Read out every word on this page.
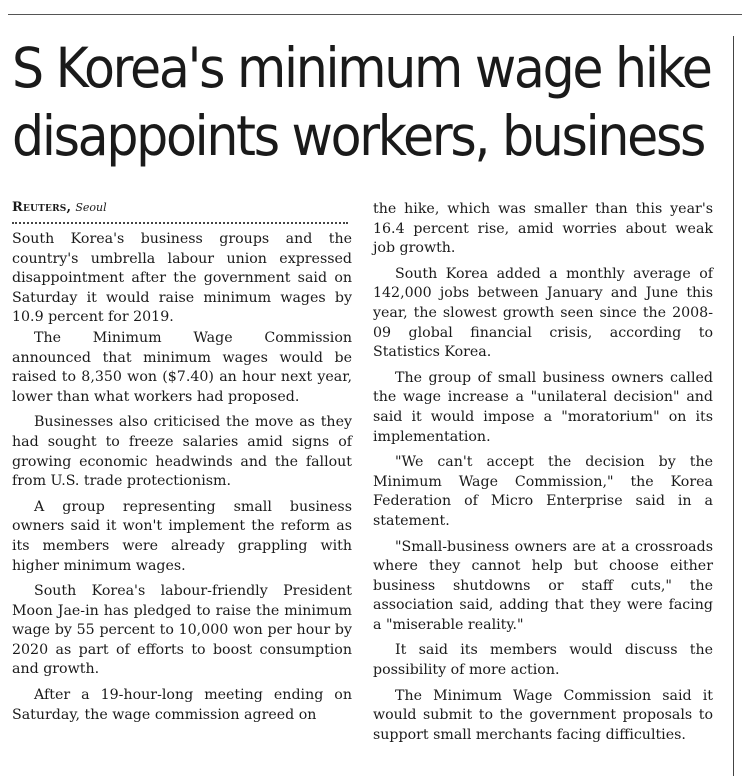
S Korea's minimum wage hike
disappoints workers, business
Reuters, Seoul

South Korea's business groups and the country's umbrella labour union expressed disappointment after the government said on Saturday it would raise minimum wages by 10.9 percent for 2019.

The Minimum Wage Commission announced that minimum wages would be raised to 8,350 won ($7.40) an hour next year, lower than what workers had proposed.

Businesses also criticised the move as they had sought to freeze salaries amid signs of growing economic headwinds and the fallout from U.S. trade protectionism.

A group representing small business owners said it won't implement the reform as its members were already grappling with higher minimum wages.

South Korea's labour-friendly President Moon Jae-in has pledged to raise the minimum wage by 55 percent to 10,000 won per hour by 2020 as part of efforts to boost consumption and growth.

After a 19-hour-long meeting ending on Saturday, the wage commission agreed on

the hike, which was smaller than this year's 16.4 percent rise, amid worries about weak job growth.

South Korea added a monthly average of 142,000 jobs between January and June this year, the slowest growth seen since the 2008-09 global financial crisis, according to Statistics Korea.

The group of small business owners called the wage increase a "unilateral decision" and said it would impose a "moratorium" on its implementation.

"We can't accept the decision by the Minimum Wage Commission," the Korea Federation of Micro Enterprise said in a statement.

"Small-business owners are at a crossroads where they cannot help but choose either business shutdowns or staff cuts," the association said, adding that they were facing a "miserable reality."

It said its members would discuss the possibility of more action.

The Minimum Wage Commission said it would submit to the government proposals to support small merchants facing difficulties.
